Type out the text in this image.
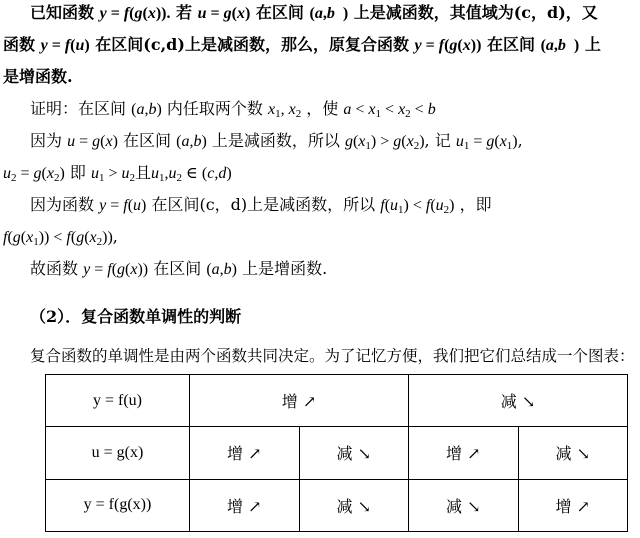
已知函数 y = f(g(x)). 若 u = g(x) 在区间 (a,b  ) 上是减函数，其值域为(c，d)，又
函数 y = f(u) 在区间(c,d)上是减函数，那么，原复合函数 y = f(g(x)) 在区间 (a,b  ) 上
是增函数.
证明：在区间 (a,b) 内任取两个数 $x_1$, $x_2$ ，使 $a < x_1 < x_2 < b$
因为 u = g(x) 在区间 (a,b) 上是减函数，所以 $g(x_1) > g(x_2)$, 记 $u_1 = g(x_1)$,
$u_2 = g(x_2)$ 即 $u_1 > u_2$且$u_1,u_2$ ∈ (c,d)
因为函数 y = f(u) 在区间(c，d)上是减函数，所以 $f(u_1) < f(u_2)$ ，即
$f(g(x_1)) < f(g(x_2))$,
故函数 y = f(g(x)) 在区间 (a,b) 上是增函数.
（2）．复合函数单调性的判断
复合函数的单调性是由两个函数共同决定。为了记忆方便，我们把它们总结成一个图表：
y = f(u)	增 ↗		减 ↘	
u = g(x)	增 ↗	减 ↘	增 ↗	减 ↘
y = f(g(x))	增 ↗	减 ↘	减 ↘	增 ↗
